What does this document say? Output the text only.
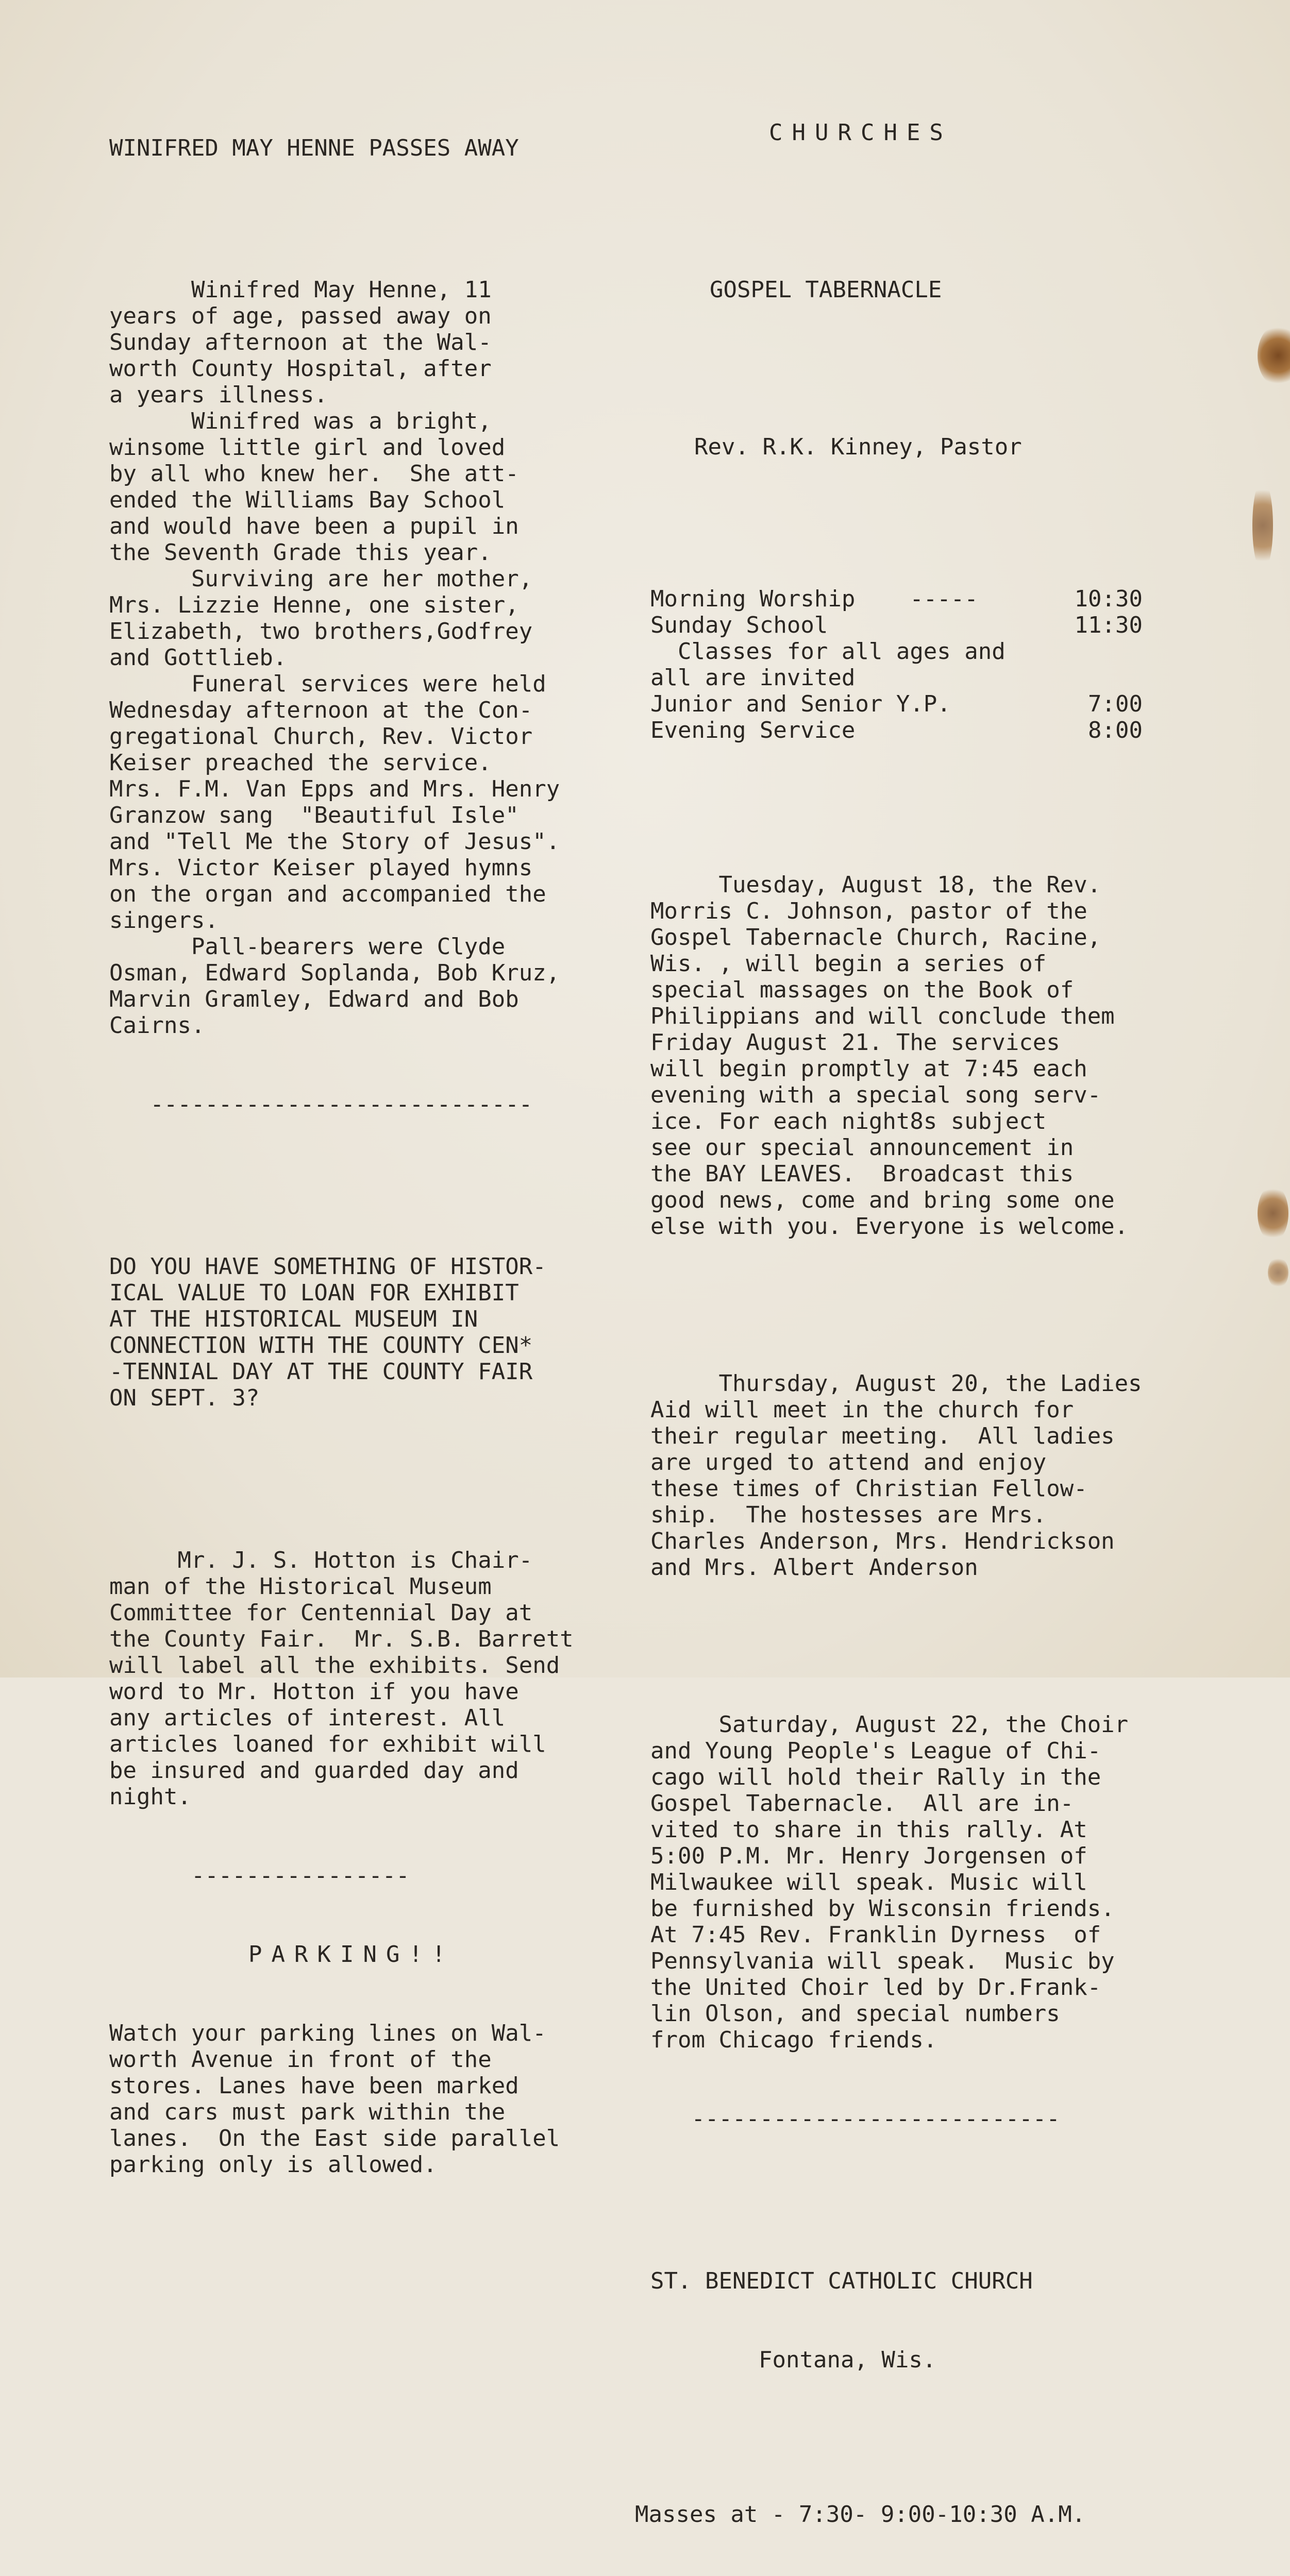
WINIFRED MAY HENNE PASSES AWAY

Winifred May Henne, 11
years of age, passed away on
Sunday afternoon at the Wal-
worth County Hospital, after
a years illness.
Winifred was a bright,
winsome little girl and loved
by all who knew her.  She att-
ended the Williams Bay School
and would have been a pupil in
the Seventh Grade this year.
Surviving are her mother,
Mrs. Lizzie Henne, one sister,
Elizabeth, two brothers,Godfrey
and Gottlieb.
Funeral services were held
Wednesday afternoon at the Con-
gregational Church, Rev. Victor
Keiser preached the service.
Mrs. F.M. Van Epps and Mrs. Henry
Granzow sang  "Beautiful Isle"
and "Tell Me the Story of Jesus".
Mrs. Victor Keiser played hymns
on the organ and accompanied the
singers.
Pall-bearers were Clyde
Osman, Edward Soplanda, Bob Kruz,
Marvin Gramley, Edward and Bob
Cairns.

----------------------------

DO YOU HAVE SOMETHING OF HISTOR-
ICAL VALUE TO LOAN FOR EXHIBIT
AT THE HISTORICAL MUSEUM IN
CONNECTION WITH THE COUNTY CEN*
-TENNIAL DAY AT THE COUNTY FAIR
ON SEPT. 3?

Mr. J. S. Hotton is Chair-
man of the Historical Museum
Committee for Centennial Day at
the County Fair.  Mr. S.B. Barrett
will label all the exhibits. Send
word to Mr. Hotton if you have
any articles of interest. All
articles loaned for exhibit will
be insured and guarded day and
night.

----------------

PARKING!!

Watch your parking lines on Wal-
worth Avenue in front of the
stores. Lanes have been marked
and cars must park within the
lanes.  On the East side parallel
parking only is allowed.

CHURCHES

GOSPEL TABERNACLE

Rev. R.K. Kinney, Pastor

Morning Worship    -----	10:30
Sunday School	11:30
Classes for all ages and
all are invited
Junior and Senior Y.P.	7:00
Evening Service	8:00

Tuesday, August 18, the Rev.
Morris C. Johnson, pastor of the
Gospel Tabernacle Church, Racine,
Wis. , will begin a series of
special massages on the Book of
Philippians and will conclude them
Friday August 21. The services
will begin promptly at 7:45 each
evening with a special song serv-
ice. For each night8s subject
see our special announcement in
the BAY LEAVES.  Broadcast this
good news, come and bring some one
else with you. Everyone is welcome.

Thursday, August 20, the Ladies
Aid will meet in the church for
their regular meeting.  All ladies
are urged to attend and enjoy
these times of Christian Fellow-
ship.  The hostesses are Mrs.
Charles Anderson, Mrs. Hendrickson
and Mrs. Albert Anderson

Saturday, August 22, the Choir
and Young People's League of Chi-
cago will hold their Rally in the
Gospel Tabernacle.  All are in-
vited to share in this rally. At
5:00 P.M. Mr. Henry Jorgensen of
Milwaukee will speak. Music will
be furnished by Wisconsin friends.
At 7:45 Rev. Franklin Dyrness  of
Pennsylvania will speak.  Music by
the United Choir led by Dr.Frank-
lin Olson, and special numbers
from Chicago friends.

---------------------------

ST. BENEDICT CATHOLIC CHURCH

Fontana, Wis.

Masses at - 7:30- 9:00-10:30 A.M.
